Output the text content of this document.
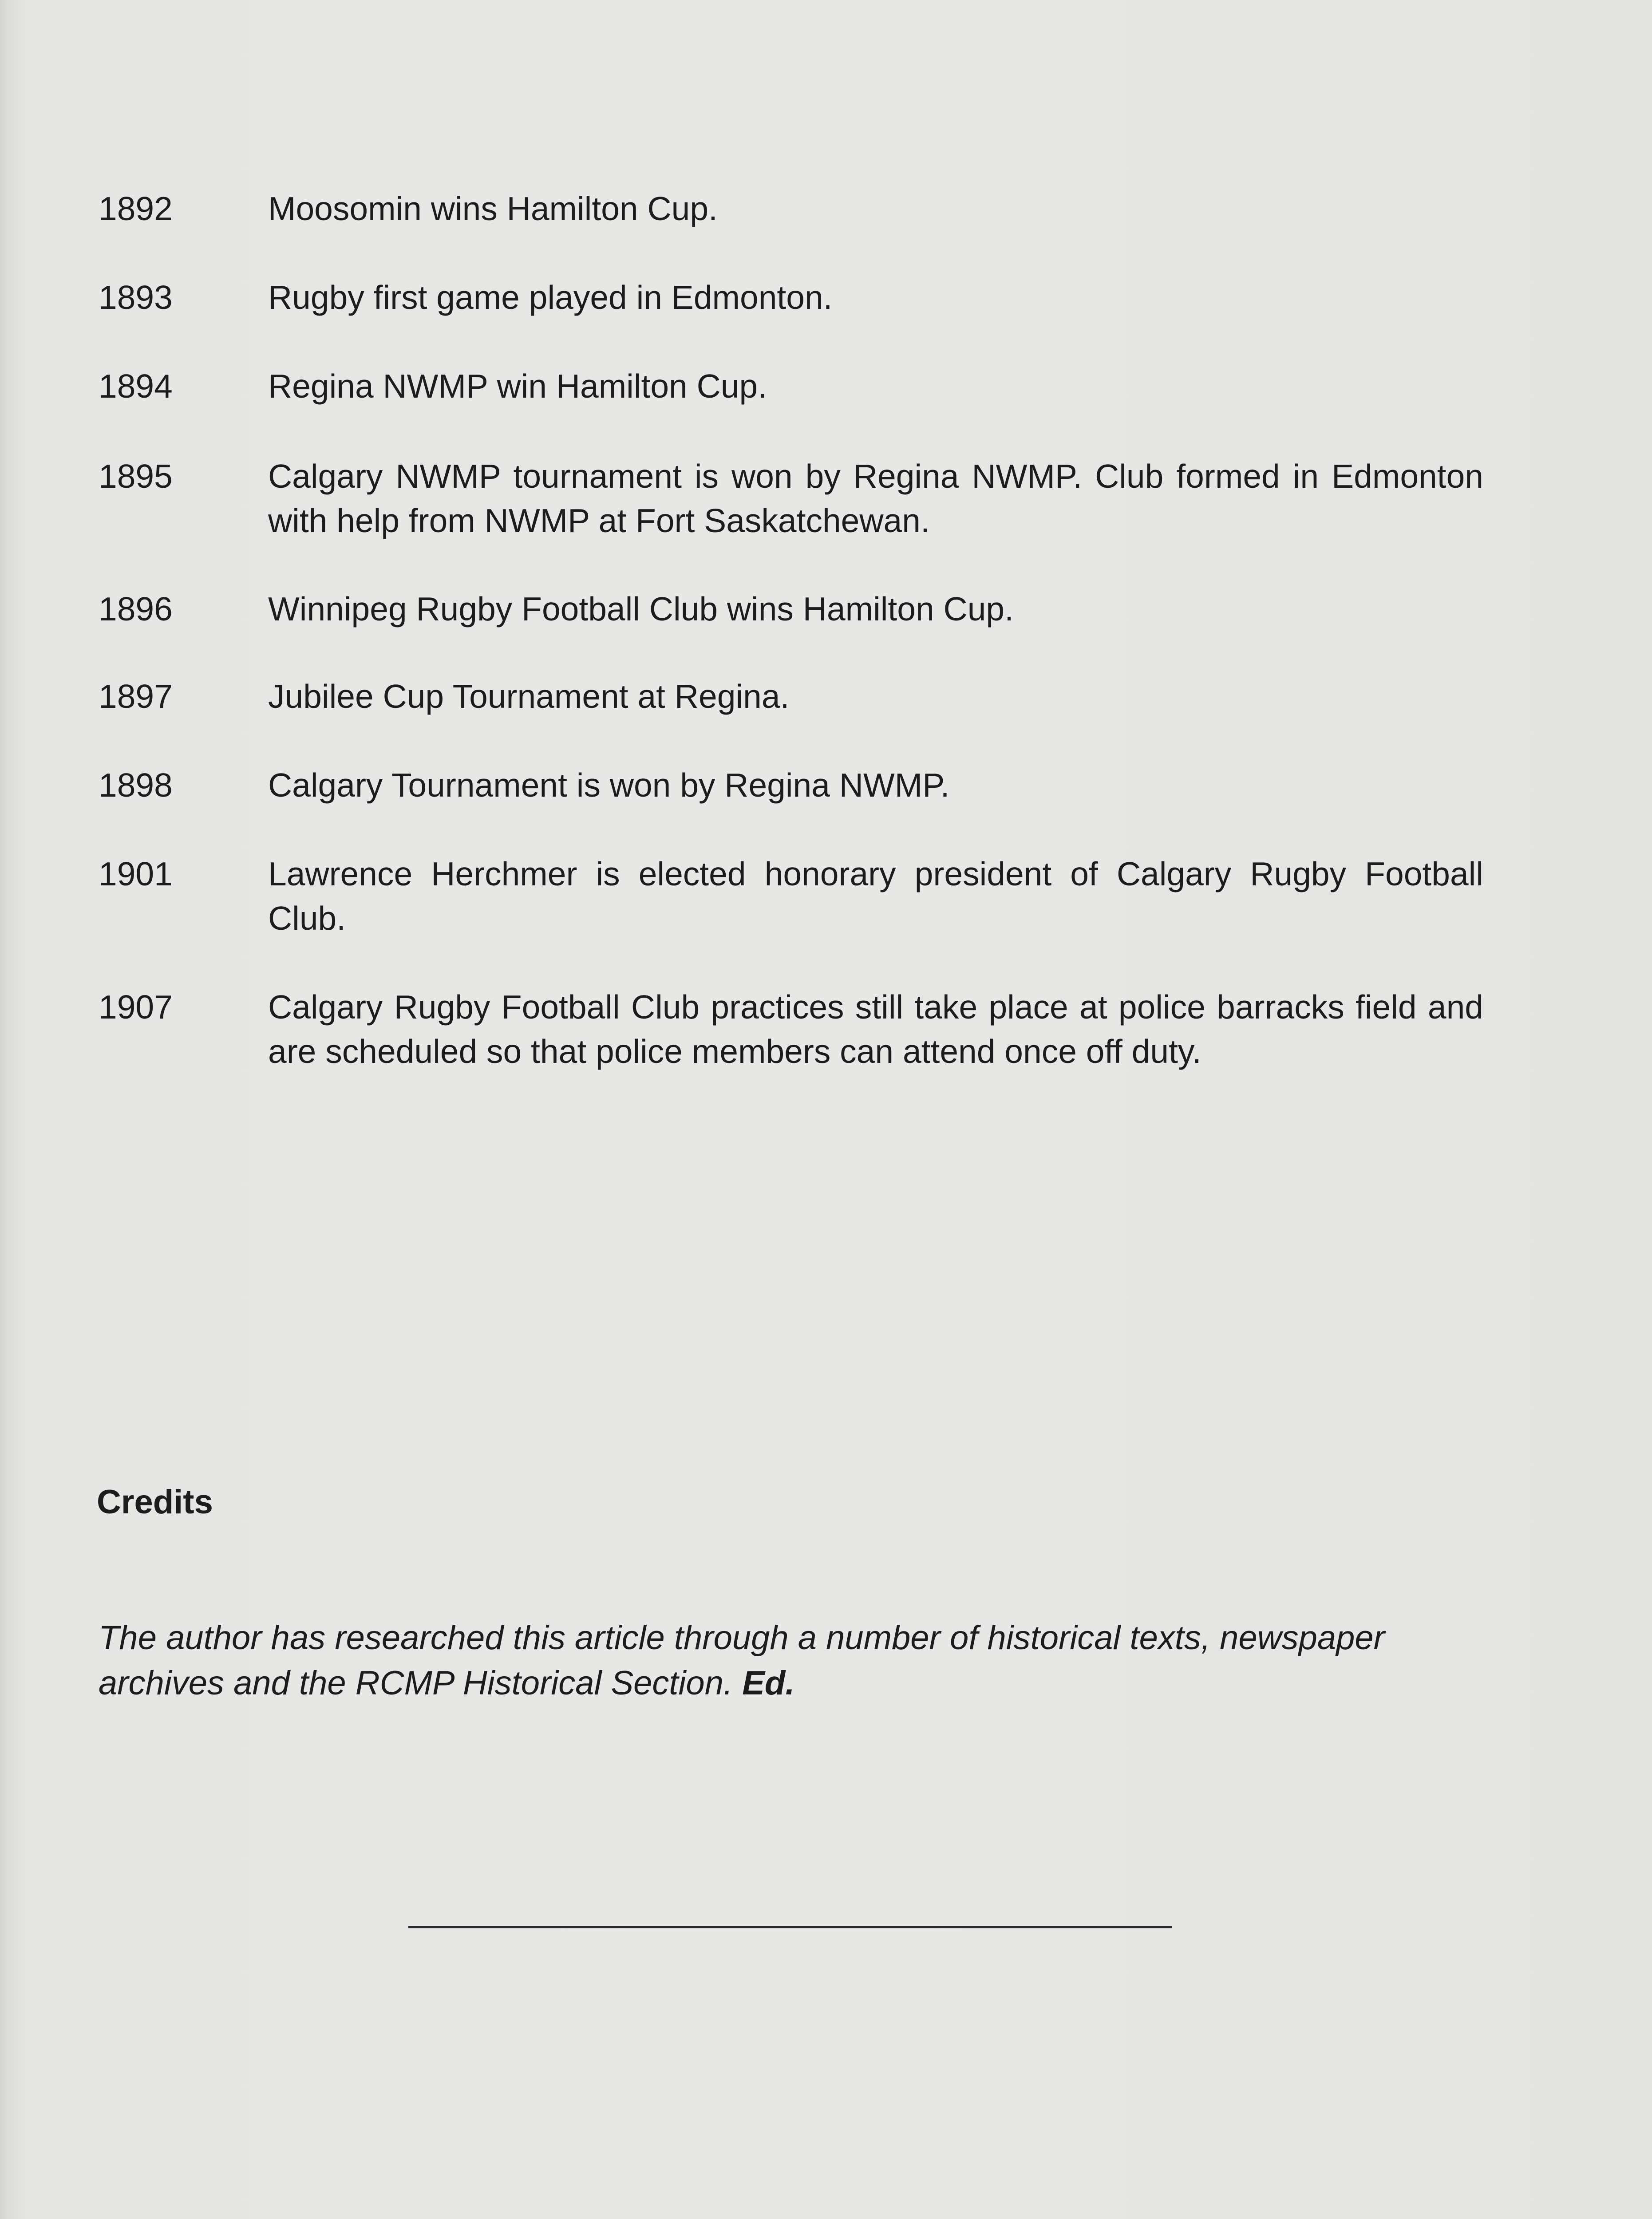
1892	Moosomin wins Hamilton Cup.
1893	Rugby first game played in Edmonton.
1894	Regina NWMP win Hamilton Cup.
1895	Calgary NWMP tournament is won by Regina NWMP. Club formed in Edmonton with help from NWMP at Fort Saskatchewan.
1896	Winnipeg Rugby Football Club wins Hamilton Cup.
1897	Jubilee Cup Tournament at Regina.
1898	Calgary Tournament is won by Regina NWMP.
1901	Lawrence Herchmer is elected honorary president of Calgary Rugby Football Club.
1907	Calgary Rugby Football Club practices still take place at police barracks field and are scheduled so that police members can attend once off duty.
Credits

The author has researched this article through a number of historical texts, newspaper archives and the RCMP Historical Section. Ed.
